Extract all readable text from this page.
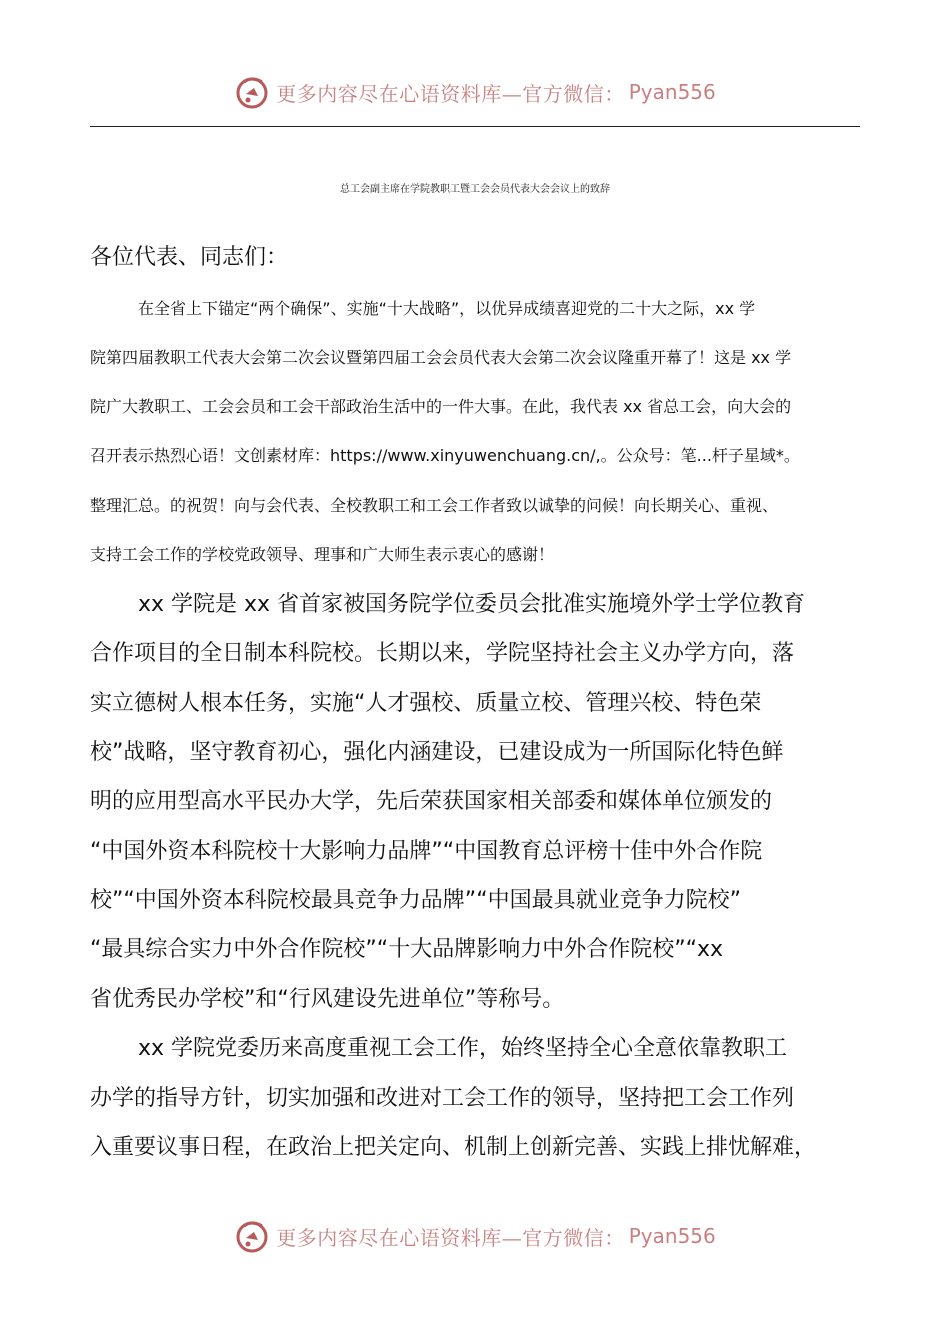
更多内容尽在心语资料库—官方微信： Pyan556
总工会副主席在学院教职工暨工会会员代表大会会议上的致辞
各位代表、同志们：
在全省上下锚定“两个确保”、实施“十大战略”，以优异成绩喜迎党的二十大之际，xx 学
院第四届教职工代表大会第二次会议暨第四届工会会员代表大会第二次会议隆重开幕了！这是 xx 学
院广大教职工、工会会员和工会干部政治生活中的一件大事。在此，我代表 xx 省总工会，向大会的
召开表示热烈心语！文创素材库：https://www.xinyuwenchuang.cn/,。公众号：笔...杆子星域*。
整理汇总。的祝贺！向与会代表、全校教职工和工会工作者致以诚挚的问候！向长期关心、重视、
支持工会工作的学校党政领导、理事和广大师生表示衷心的感谢！
xx 学院是 xx 省首家被国务院学位委员会批准实施境外学士学位教育
合作项目的全日制本科院校。长期以来，学院坚持社会主义办学方向，落
实立德树人根本任务，实施“人才强校、质量立校、管理兴校、特色荣
校”战略，坚守教育初心，强化内涵建设，已建设成为一所国际化特色鲜
明的应用型高水平民办大学，先后荣获国家相关部委和媒体单位颁发的
“中国外资本科院校十大影响力品牌”“中国教育总评榜十佳中外合作院
校”“中国外资本科院校最具竞争力品牌”“中国最具就业竞争力院校”
“最具综合实力中外合作院校”“十大品牌影响力中外合作院校”“xx
省优秀民办学校”和“行风建设先进单位”等称号。
xx 学院党委历来高度重视工会工作，始终坚持全心全意依靠教职工
办学的指导方针，切实加强和改进对工会工作的领导，坚持把工会工作列
入重要议事日程，在政治上把关定向、机制上创新完善、实践上排忧解难，
更多内容尽在心语资料库—官方微信： Pyan556
